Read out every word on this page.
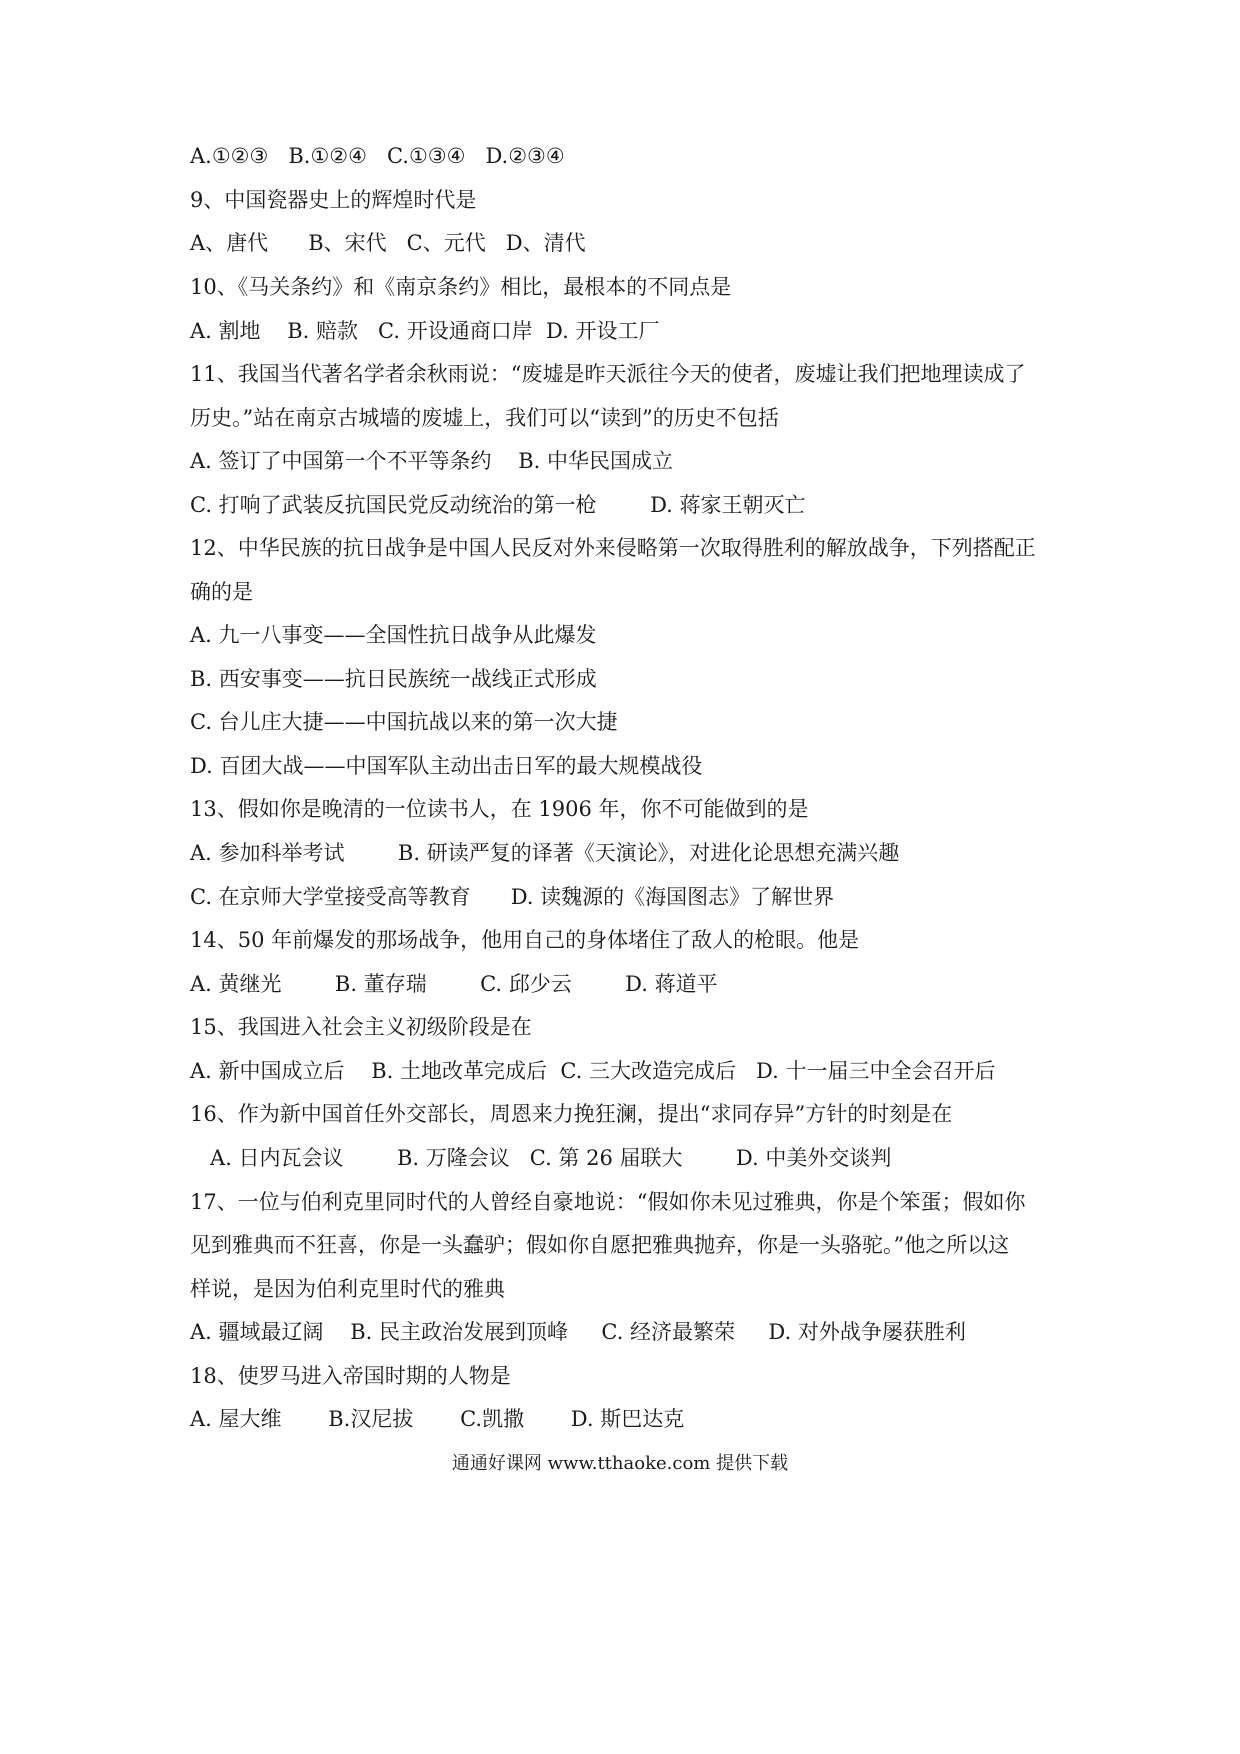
A.①②③   B.①②④   C.①③④   D.②③④

9、中国瓷器史上的辉煌时代是

A、唐代      B、宋代   C、元代   D、清代

10、《马关条约》和《南京条约》相比，最根本的不同点是

A. 割地    B. 赔款   C. 开设通商口岸  D. 开设工厂

11、我国当代著名学者余秋雨说：“废墟是昨天派往今天的使者，废墟让我们把地理读成了

历史。”站在南京古城墙的废墟上，我们可以“读到”的历史不包括

A. 签订了中国第一个不平等条约    B. 中华民国成立

C. 打响了武装反抗国民党反动统治的第一枪        D. 蒋家王朝灭亡

12、中华民族的抗日战争是中国人民反对外来侵略第一次取得胜利的解放战争，下列搭配正

确的是

A. 九一八事变——全国性抗日战争从此爆发

B. 西安事变——抗日民族统一战线正式形成

C. 台儿庄大捷——中国抗战以来的第一次大捷

D. 百团大战——中国军队主动出击日军的最大规模战役

13、假如你是晚清的一位读书人，在 1906 年，你不可能做到的是

A. 参加科举考试        B. 研读严复的译著《天演论》，对进化论思想充满兴趣

C. 在京师大学堂接受高等教育      D. 读魏源的《海国图志》了解世界

14、50 年前爆发的那场战争，他用自己的身体堵住了敌人的枪眼。他是

A. 黄继光        B. 董存瑞        C. 邱少云        D. 蒋道平

15、我国进入社会主义初级阶段是在

A. 新中国成立后    B. 土地改革完成后  C. 三大改造完成后   D. 十一届三中全会召开后

16、作为新中国首任外交部长，周恩来力挽狂澜，提出“求同存异”方针的时刻是在

A. 日内瓦会议        B. 万隆会议   C. 第 26 届联大        D. 中美外交谈判

17、一位与伯利克里同时代的人曾经自豪地说：“假如你未见过雅典，你是个笨蛋；假如你

见到雅典而不狂喜，你是一头蠢驴；假如你自愿把雅典抛弃，你是一头骆驼。”他之所以这

样说，是因为伯利克里时代的雅典

A. 疆域最辽阔    B. 民主政治发展到顶峰     C. 经济最繁荣     D. 对外战争屡获胜利

18、使罗马进入帝国时期的人物是

A. 屋大维       B.汉尼拔       C.凯撒       D. 斯巴达克

通通好课网 www.tthaoke.com 提供下载
